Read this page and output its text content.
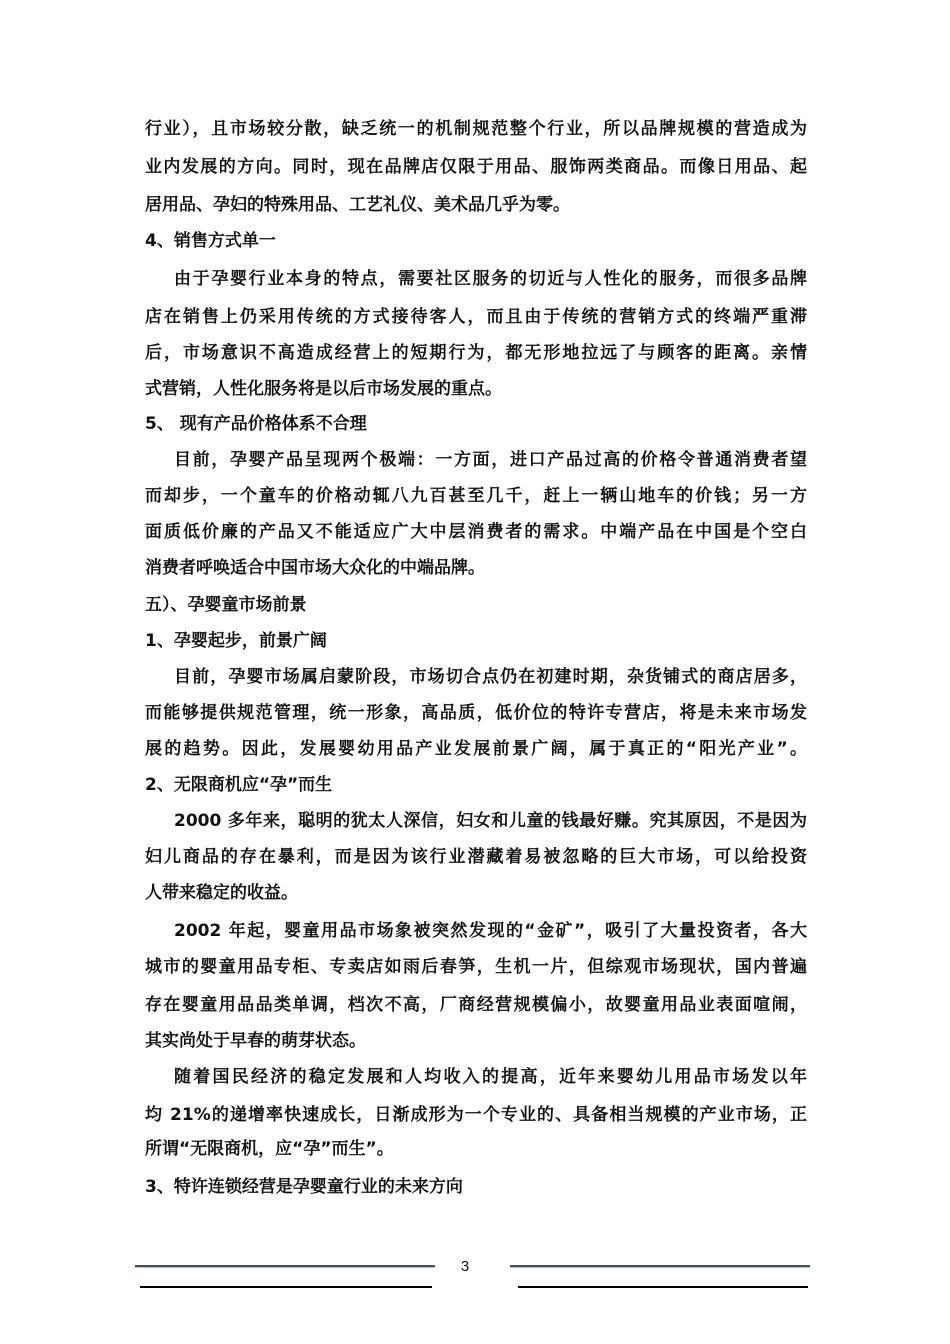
行业），且市场较分散，缺乏统一的机制规范整个行业，所以品牌规模的营造成为
业内发展的方向。同时，现在品牌店仅限于用品、服饰两类商品。而像日用品、起
居用品、孕妇的特殊用品、工艺礼仪、美术品几乎为零。
4、销售方式单一
由于孕婴行业本身的特点，需要社区服务的切近与人性化的服务，而很多品牌
店在销售上仍采用传统的方式接待客人，而且由于传统的营销方式的终端严重滞
后，市场意识不高造成经营上的短期行为，都无形地拉远了与顾客的距离。亲情
式营销，人性化服务将是以后市场发展的重点。
5、 现有产品价格体系不合理
目前，孕婴产品呈现两个极端：一方面，进口产品过高的价格令普通消费者望
而却步，一个童车的价格动辄八九百甚至几千，赶上一辆山地车的价钱；另一方
面质低价廉的产品又不能适应广大中层消费者的需求。中端产品在中国是个空白
消费者呼唤适合中国市场大众化的中端品牌。
五）、孕婴童市场前景
1、孕婴起步，前景广阔
目前，孕婴市场属启蒙阶段，市场切合点仍在初建时期，杂货铺式的商店居多，
而能够提供规范管理，统一形象，高品质，低价位的特许专营店，将是未来市场发
展的趋势。因此，发展婴幼用品产业发展前景广阔，属于真正的“阳光产业”。
2、无限商机应“孕”而生
2000 多年来，聪明的犹太人深信，妇女和儿童的钱最好赚。究其原因，不是因为
妇儿商品的存在暴利，而是因为该行业潜藏着易被忽略的巨大市场，可以给投资
人带来稳定的收益。
2002 年起，婴童用品市场象被突然发现的“金矿”，吸引了大量投资者，各大
城市的婴童用品专柜、专卖店如雨后春笋，生机一片，但综观市场现状，国内普遍
存在婴童用品品类单调，档次不高，厂商经营规模偏小，故婴童用品业表面喧闹，
其实尚处于早春的萌芽状态。
随着国民经济的稳定发展和人均收入的提高，近年来婴幼儿用品市场发以年
均 21%的递增率快速成长，日渐成形为一个专业的、具备相当规模的产业市场，正
所谓“无限商机，应“孕”而生”。
3、特许连锁经营是孕婴童行业的未来方向
3
